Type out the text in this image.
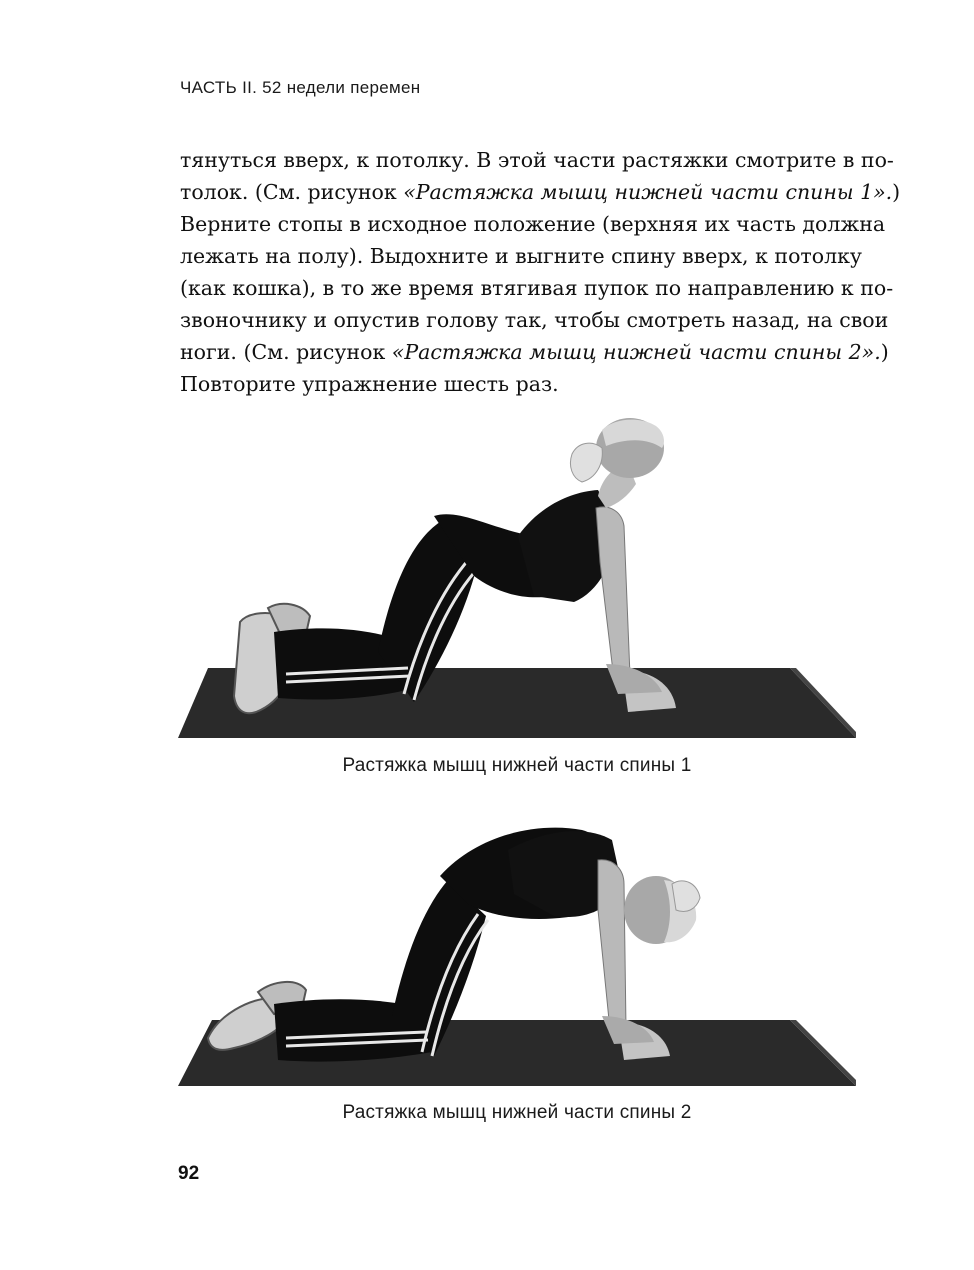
ЧАСТЬ II. 52 недели перемен
тянуться вверх, к потолку. В этой части растяжки смотрите в по-
толок. (См. рисунок «Растяжка мышц нижней части спины 1».)
Верните стопы в исходное положение (верхняя их часть должна
лежать на полу). Выдохните и выгните спину вверх, к потолку
(как кошка), в то же время втягивая пупок по направлению к по-
звоночнику и опустив голову так, чтобы смотреть назад, на свои
ноги. (См. рисунок «Растяжка мышц нижней части спины 2».)
Повторите упражнение шесть раз.
Растяжка мышц нижней части спины 1
Растяжка мышц нижней части спины 2
92
